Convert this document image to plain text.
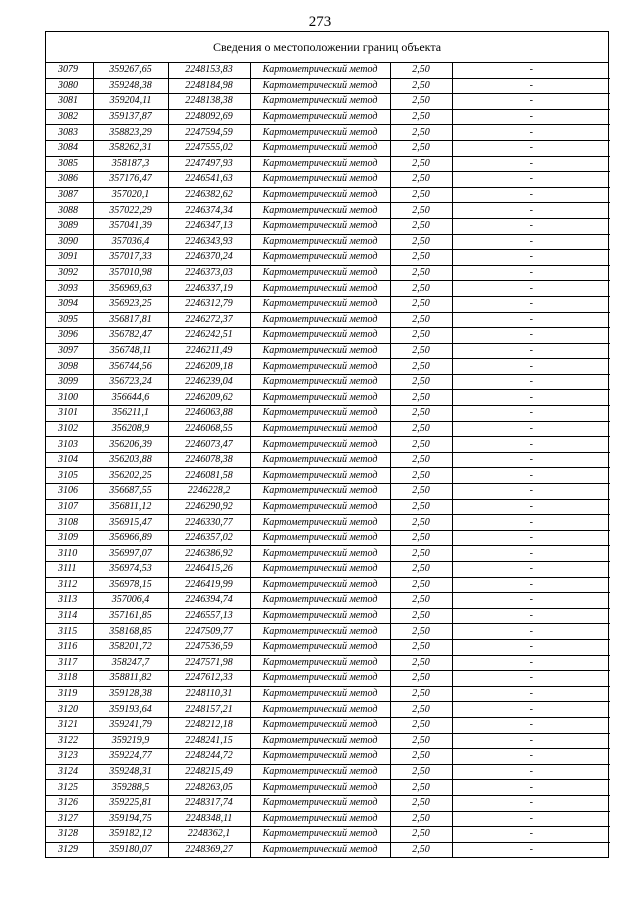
273
Сведения о местоположении границ объекта
3079	359267,65	2248153,83	Картометрический метод	2,50	-
3080	359248,38	2248184,98	Картометрический метод	2,50	-
3081	359204,11	2248138,38	Картометрический метод	2,50	-
3082	359137,87	2248092,69	Картометрический метод	2,50	-
3083	358823,29	2247594,59	Картометрический метод	2,50	-
3084	358262,31	2247555,02	Картометрический метод	2,50	-
3085	358187,3	2247497,93	Картометрический метод	2,50	-
3086	357176,47	2246541,63	Картометрический метод	2,50	-
3087	357020,1	2246382,62	Картометрический метод	2,50	-
3088	357022,29	2246374,34	Картометрический метод	2,50	-
3089	357041,39	2246347,13	Картометрический метод	2,50	-
3090	357036,4	2246343,93	Картометрический метод	2,50	-
3091	357017,33	2246370,24	Картометрический метод	2,50	-
3092	357010,98	2246373,03	Картометрический метод	2,50	-
3093	356969,63	2246337,19	Картометрический метод	2,50	-
3094	356923,25	2246312,79	Картометрический метод	2,50	-
3095	356817,81	2246272,37	Картометрический метод	2,50	-
3096	356782,47	2246242,51	Картометрический метод	2,50	-
3097	356748,11	2246211,49	Картометрический метод	2,50	-
3098	356744,56	2246209,18	Картометрический метод	2,50	-
3099	356723,24	2246239,04	Картометрический метод	2,50	-
3100	356644,6	2246209,62	Картометрический метод	2,50	-
3101	356211,1	2246063,88	Картометрический метод	2,50	-
3102	356208,9	2246068,55	Картометрический метод	2,50	-
3103	356206,39	2246073,47	Картометрический метод	2,50	-
3104	356203,88	2246078,38	Картометрический метод	2,50	-
3105	356202,25	2246081,58	Картометрический метод	2,50	-
3106	356687,55	2246228,2	Картометрический метод	2,50	-
3107	356811,12	2246290,92	Картометрический метод	2,50	-
3108	356915,47	2246330,77	Картометрический метод	2,50	-
3109	356966,89	2246357,02	Картометрический метод	2,50	-
3110	356997,07	2246386,92	Картометрический метод	2,50	-
3111	356974,53	2246415,26	Картометрический метод	2,50	-
3112	356978,15	2246419,99	Картометрический метод	2,50	-
3113	357006,4	2246394,74	Картометрический метод	2,50	-
3114	357161,85	2246557,13	Картометрический метод	2,50	-
3115	358168,85	2247509,77	Картометрический метод	2,50	-
3116	358201,72	2247536,59	Картометрический метод	2,50	-
3117	358247,7	2247571,98	Картометрический метод	2,50	-
3118	358811,82	2247612,33	Картометрический метод	2,50	-
3119	359128,38	2248110,31	Картометрический метод	2,50	-
3120	359193,64	2248157,21	Картометрический метод	2,50	-
3121	359241,79	2248212,18	Картометрический метод	2,50	-
3122	359219,9	2248241,15	Картометрический метод	2,50	-
3123	359224,77	2248244,72	Картометрический метод	2,50	-
3124	359248,31	2248215,49	Картометрический метод	2,50	-
3125	359288,5	2248263,05	Картометрический метод	2,50	-
3126	359225,81	2248317,74	Картометрический метод	2,50	-
3127	359194,75	2248348,11	Картометрический метод	2,50	-
3128	359182,12	2248362,1	Картометрический метод	2,50	-
3129	359180,07	2248369,27	Картометрический метод	2,50	-
